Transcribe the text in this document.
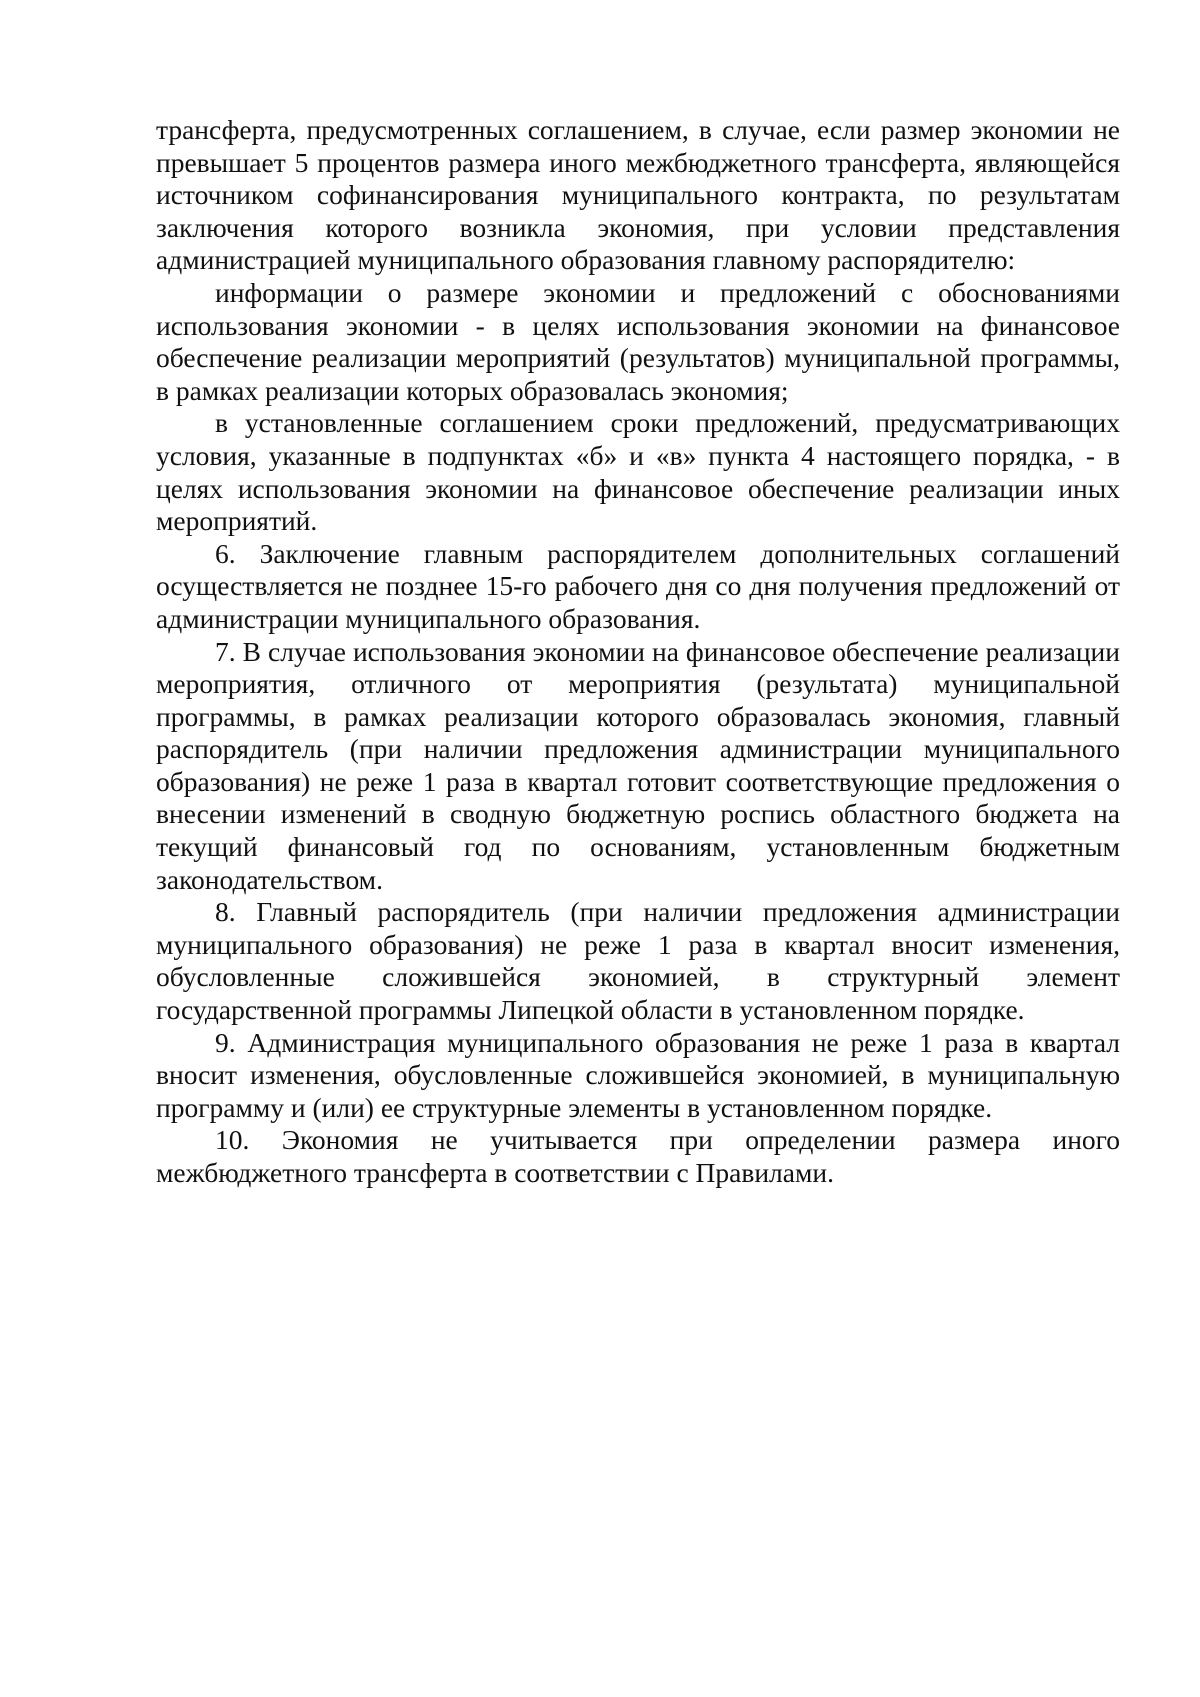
трансферта, предусмотренных соглашением, в случае, если размер экономии не превышает 5 процентов размера иного межбюджетного трансферта, являющейся источником софинансирования муниципального контракта, по результатам заключения которого возникла экономия, при условии представления администрацией муниципального образования главному распорядителю:

информации о размере экономии и предложений с обоснованиями использования экономии - в целях использования экономии на финансовое обеспечение реализации мероприятий (результатов) муниципальной программы, в рамках реализации которых образовалась экономия;

в установленные соглашением сроки предложений, предусматривающих условия, указанные в подпунктах «б» и «в» пункта 4 настоящего порядка, - в целях использования экономии на финансовое обеспечение реализации иных мероприятий.

6. Заключение главным распорядителем дополнительных соглашений осуществляется не позднее 15-го рабочего дня со дня получения предложений от администрации муниципального образования.

7. В случае использования экономии на финансовое обеспечение реализации мероприятия, отличного от мероприятия (результата) муниципальной программы, в рамках реализации которого образовалась экономия, главный распорядитель (при наличии предложения администрации муниципального образования) не реже 1 раза в квартал готовит соответствующие предложения о внесении изменений в сводную бюджетную роспись областного бюджета на текущий финансовый год по основаниям, установленным бюджетным законодательством.

8. Главный распорядитель (при наличии предложения администрации муниципального образования) не реже 1 раза в квартал вносит изменения, обусловленные сложившейся экономией, в структурный элемент государственной программы Липецкой области в установленном порядке.

9. Администрация муниципального образования не реже 1 раза в квартал вносит изменения, обусловленные сложившейся экономией, в муниципальную программу и (или) ее структурные элементы в установленном порядке.

10. Экономия не учитывается при определении размера иного межбюджетного трансферта в соответствии с Правилами.
